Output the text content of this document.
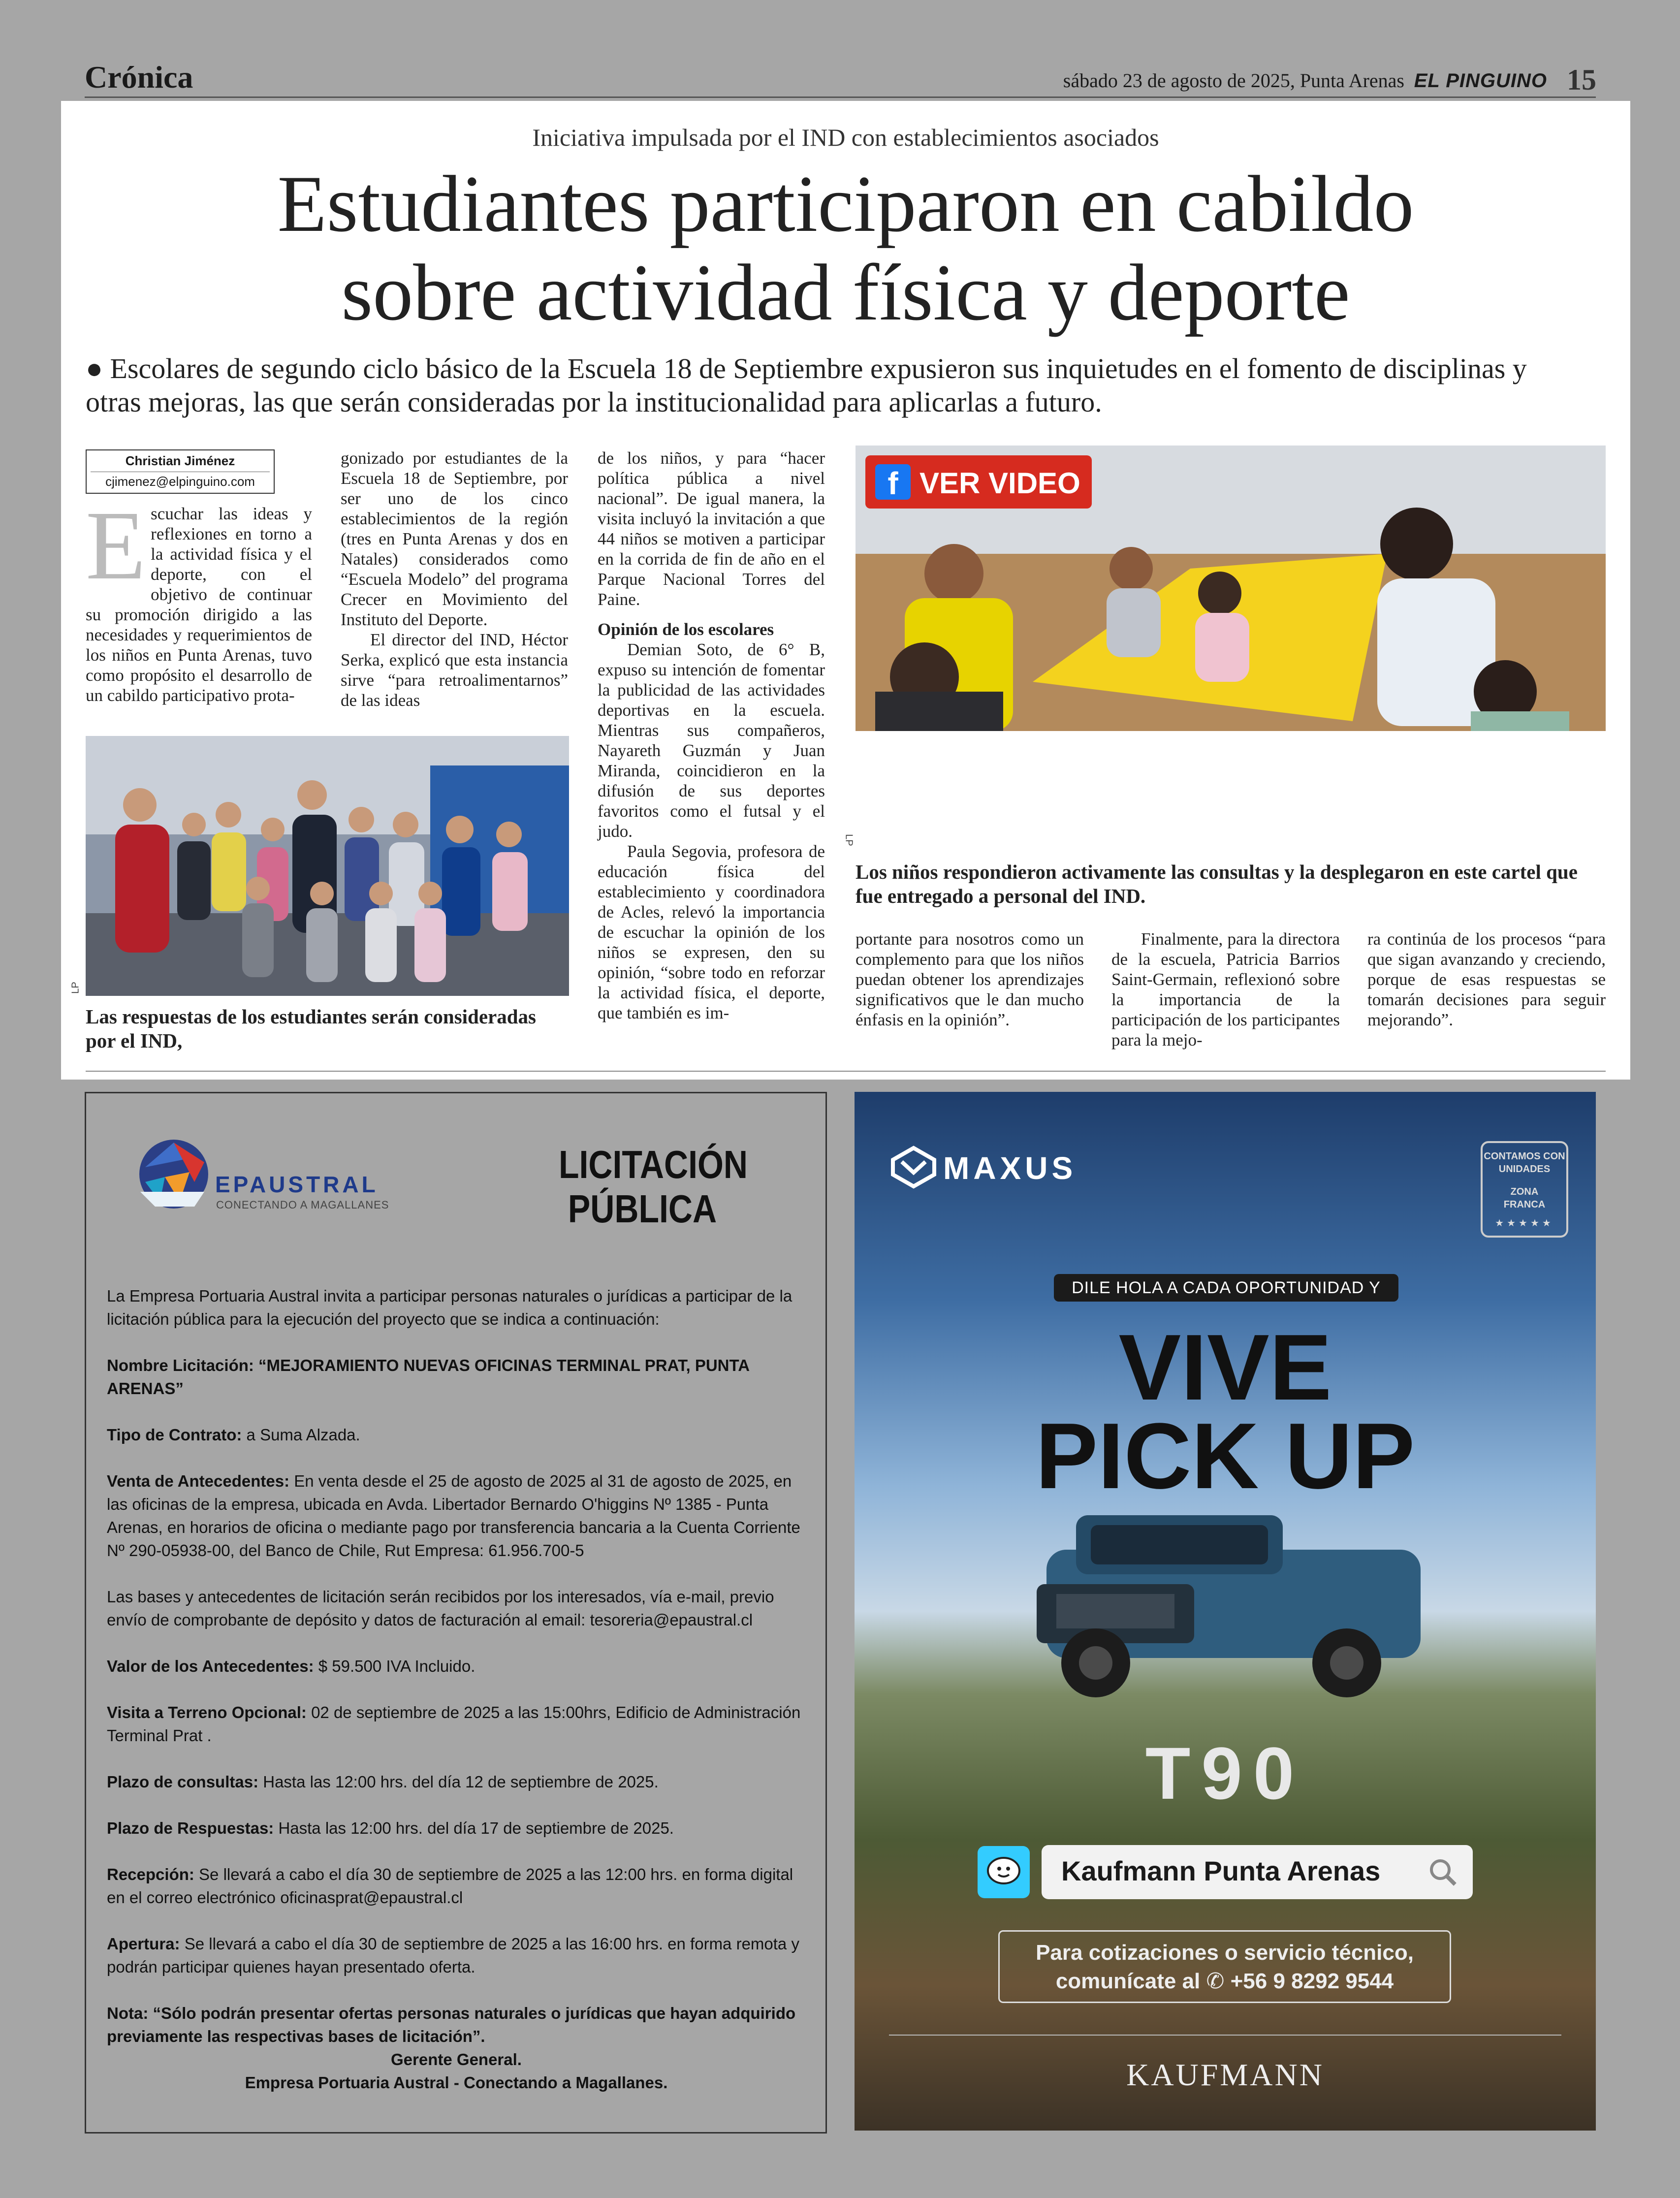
Crónica	sábado 23 de agosto de 2025, Punta Arenas EL PINGUINO 15
Iniciativa impulsada por el IND con establecimientos asociados
Estudiantes participaron en cabildo
sobre actividad física y deporte
● Escolares de segundo ciclo básico de la Escuela 18 de Septiembre expusieron sus inquietudes en el fomento de disciplinas y otras mejoras, las que serán consideradas por la institucionalidad para aplicarlas a futuro.
Christian Jiménez
cjimenez@elpinguino.com
E scuchar las ideas y reflexiones en torno a la actividad física y el deporte, con el objetivo de continuar su promoción dirigido a las necesidades y requerimientos de los niños en Punta Arenas, tuvo como propósito el desarrollo de un cabildo participativo prota-

gonizado por estudiantes de la Escuela 18 de Septiembre, por ser uno de los cinco establecimientos de la región (tres en Punta Arenas y dos en Natales) considerados como “Escuela Modelo” del programa Crecer en Movimiento del Instituto del Deporte.

El director del IND, Héctor Serka, explicó que esta instancia sirve “para retroalimentarnos” de las ideas

LP
Las respuestas de los estudiantes serán consideradas por el IND,

de los niños, y para “hacer política pública a nivel nacional”. De igual manera, la visita incluyó la invitación a que 44 niños se motiven a participar en la corrida de fin de año en el Parque Nacional Torres del Paine.

Opinión de los escolares

Demian Soto, de 6° B, expuso su intención de fomentar la publicidad de las actividades deportivas en la escuela. Mientras sus compañeros, Nayareth Guzmán y Juan Miranda, coincidieron en la difusión de sus deportes favoritos como el futsal y el judo.

Paula Segovia, profesora de educación física del establecimiento y coordinadora de Acles, relevó la importancia de escuchar la opinión de los niños se expresen, den su opinión, “sobre todo en reforzar la actividad física, el deporte, que también es im-

f VER VIDEO
LP
Los niños respondieron activamente las consultas y la desplegaron en este cartel que fue entregado a personal del IND.
portante para nosotros como un complemento para que los niños puedan obtener los aprendizajes significativos que le dan mucho énfasis en la opinión”.
Finalmente, para la directora de la escuela, Patricia Barrios Saint-Germain, reflexionó sobre la importancia de la participación de los participantes para la mejo-
ra continúa de los procesos “para que sigan avanzando y creciendo, porque de esas respuestas se tomarán decisiones para seguir mejorando”.
EPAUSTRAL
CONECTANDO A MAGALLANES
LICITACIÓN
PÚBLICA

La Empresa Portuaria Austral invita a participar personas naturales o jurídicas a participar de la licitación pública para la ejecución del proyecto que se indica a continuación:

Nombre Licitación: “MEJORAMIENTO NUEVAS OFICINAS TERMINAL PRAT, PUNTA ARENAS”

Tipo de Contrato: a Suma Alzada.

Venta de Antecedentes: En venta desde el 25 de agosto de 2025 al 31 de agosto de 2025, en las oficinas de la empresa, ubicada en Avda. Libertador Bernardo O'higgins Nº 1385 - Punta Arenas, en horarios de oficina o mediante pago por transferencia bancaria a la Cuenta Corriente Nº 290-05938-00, del Banco de Chile, Rut Empresa: 61.956.700-5

Las bases y antecedentes de licitación serán recibidos por los interesados, vía e-mail, previo envío de comprobante de depósito y datos de facturación al email: tesoreria@epaustral.cl

Valor de los Antecedentes: $ 59.500 IVA Incluido.

Visita a Terreno Opcional: 02 de septiembre de 2025 a las 15:00hrs, Edificio de Administración Terminal Prat .

Plazo de consultas: Hasta las 12:00 hrs. del día 12 de septiembre de 2025.

Plazo de Respuestas: Hasta las 12:00 hrs. del día 17 de septiembre de 2025.

Recepción: Se llevará a cabo el día 30 de septiembre de 2025 a las 12:00 hrs. en forma digital en el correo electrónico oficinasprat@epaustral.cl

Apertura: Se llevará a cabo el día 30 de septiembre de 2025 a las 16:00 hrs. en forma remota y podrán participar quienes hayan presentado oferta.

Nota: “Sólo podrán presentar ofertas personas naturales o jurídicas que hayan adquirido previamente las respectivas bases de licitación”.

Gerente General.

Empresa Portuaria Austral - Conectando a Magallanes.

MAXUS	CONTAMOS CON
UNIDADES
ZONA
FRANCA
★★★★★
DILE HOLA A CADA OPORTUNIDAD Y
VIVE
PICK UP
T90
Kaufmann Punta Arenas
Para cotizaciones o servicio técnico,
comunícate al ✆ +56 9 8292 9544
KAUFMANN
